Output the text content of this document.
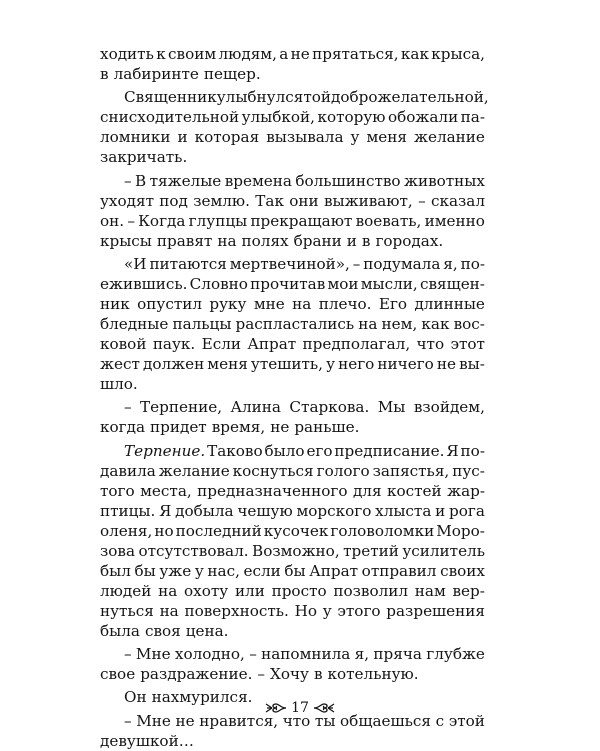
ходить к своим людям, а не прятаться, как крыса,
в лабиринте пещер.
Священник улыбнулся той доброжелательной,
снисходительной улыбкой, которую обожали па-
ломники и которая вызывала у меня желание
закричать.
– В тяжелые времена большинство животных
уходят под землю. Так они выживают, – сказал
он. – Когда глупцы прекращают воевать, именно
крысы правят на полях брани и в городах.
«И питаются мертвечиной», – подумала я, по-
ежившись. Словно прочитав мои мысли, священ-
ник опустил руку мне на плечо. Его длинные
бледные пальцы распластались на нем, как вос-
ковой паук. Если Апрат предполагал, что этот
жест должен меня утешить, у него ничего не вы-
шло.
– Терпение, Алина Старкова. Мы взойдем,
когда придет время, не раньше.
Терпение. Таково было его предписание. Я по-
давила желание коснуться голого запястья, пус-
того места, предназначенного для костей жар-
птицы. Я добыла чешую морского хлыста и рога
оленя, но последний кусочек головоломки Моро-
зова отсутствовал. Возможно, третий усилитель
был бы уже у нас, если бы Апрат отправил своих
людей на охоту или просто позволил нам вер-
нуться на поверхность. Но у этого разрешения
была своя цена.
– Мне холодно, – напомнила я, пряча глубже
свое раздражение. – Хочу в котельную.
Он нахмурился.
– Мне не нравится, что ты общаешься с этой
девушкой…
17
